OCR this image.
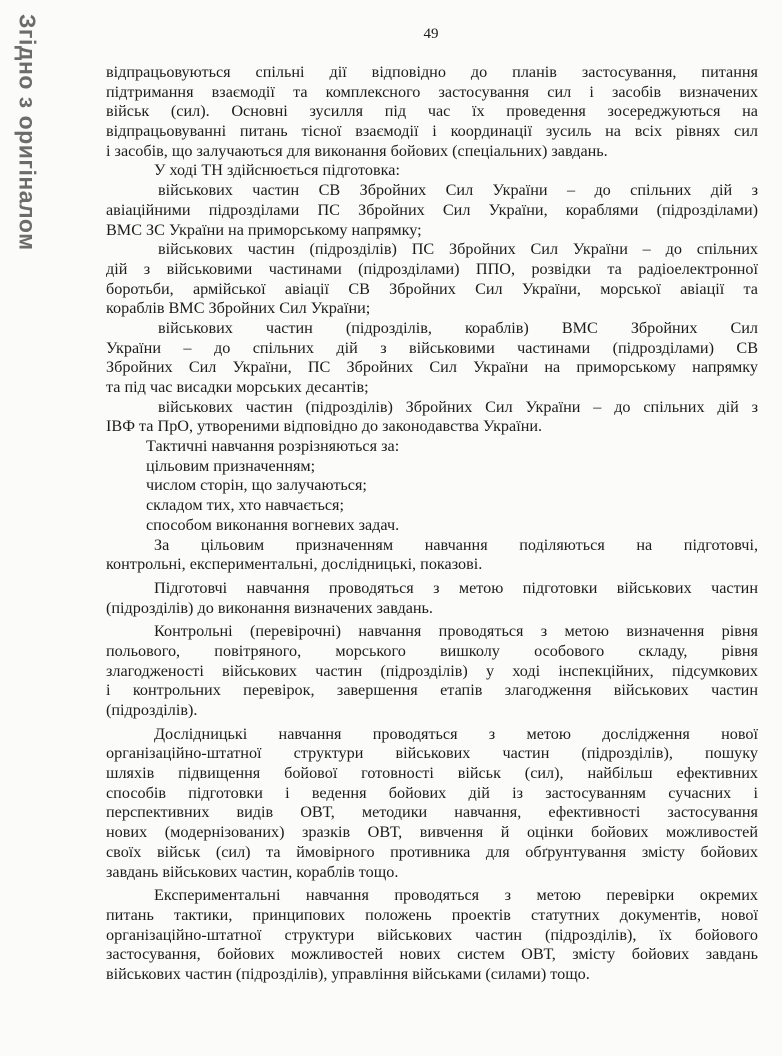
Згідно з оригіналом	49
відпрацьовуються спільні дії відповідно до планів застосування, питання
підтримання взаємодії та комплексного застосування сил і засобів визначених
військ (сил). Основні зусилля під час їх проведення зосереджуються на
відпрацьовуванні питань тісної взаємодії і координації зусиль на всіх рівнях сил
і засобів, що залучаються для виконання бойових (спеціальних) завдань.
У ході ТН здійснюється підготовка:
військових частин СВ Збройних Сил України – до спільних дій з
авіаційними підрозділами ПС Збройних Сил України, кораблями (підрозділами)
ВМС ЗС України на приморському напрямку;
військових частин (підрозділів) ПС Збройних Сил України – до спільних
дій з військовими частинами (підрозділами) ППО, розвідки та радіоелектронної
боротьби, армійської авіації СВ Збройних Сил України, морської авіації та
кораблів ВМС Збройних Сил України;
військових частин (підрозділів, кораблів) ВМС Збройних Сил
України – до спільних дій з військовими частинами (підрозділами) СВ
Збройних Сил України, ПС Збройних Сил України на приморському напрямку
та під час висадки морських десантів;
військових частин (підрозділів) Збройних Сил України – до спільних дій з
ІВФ та ПрО, утвореними відповідно до законодавства України.
Тактичні навчання розрізняються за:
цільовим призначенням;
числом сторін, що залучаються;
складом тих, хто навчається;
способом виконання вогневих задач.
За цільовим призначенням навчання поділяються на підготовчі,
контрольні, експериментальні, дослідницькі, показові.
Підготовчі навчання проводяться з метою підготовки військових частин
(підрозділів) до виконання визначених завдань.
Контрольні (перевірочні) навчання проводяться з метою визначення рівня
польового, повітряного, морського вишколу особового складу, рівня
злагодженості військових частин (підрозділів) у ході інспекційних, підсумкових
і контрольних перевірок, завершення етапів злагодження військових частин
(підрозділів).
Дослідницькі навчання проводяться з метою дослідження нової
організаційно-штатної структури військових частин (підрозділів), пошуку
шляхів підвищення бойової готовності військ (сил), найбільш ефективних
способів підготовки і ведення бойових дій із застосуванням сучасних і
перспективних видів ОВТ, методики навчання, ефективності застосування
нових (модернізованих) зразків ОВТ, вивчення й оцінки бойових можливостей
своїх військ (сил) та ймовірного противника для обґрунтування змісту бойових
завдань військових частин, кораблів тощо.
Експериментальні навчання проводяться з метою перевірки окремих
питань тактики, принципових положень проектів статутних документів, нової
організаційно-штатної структури військових частин (підрозділів), їх бойового
застосування, бойових можливостей нових систем ОВТ, змісту бойових завдань
військових частин (підрозділів), управління військами (силами) тощо.
